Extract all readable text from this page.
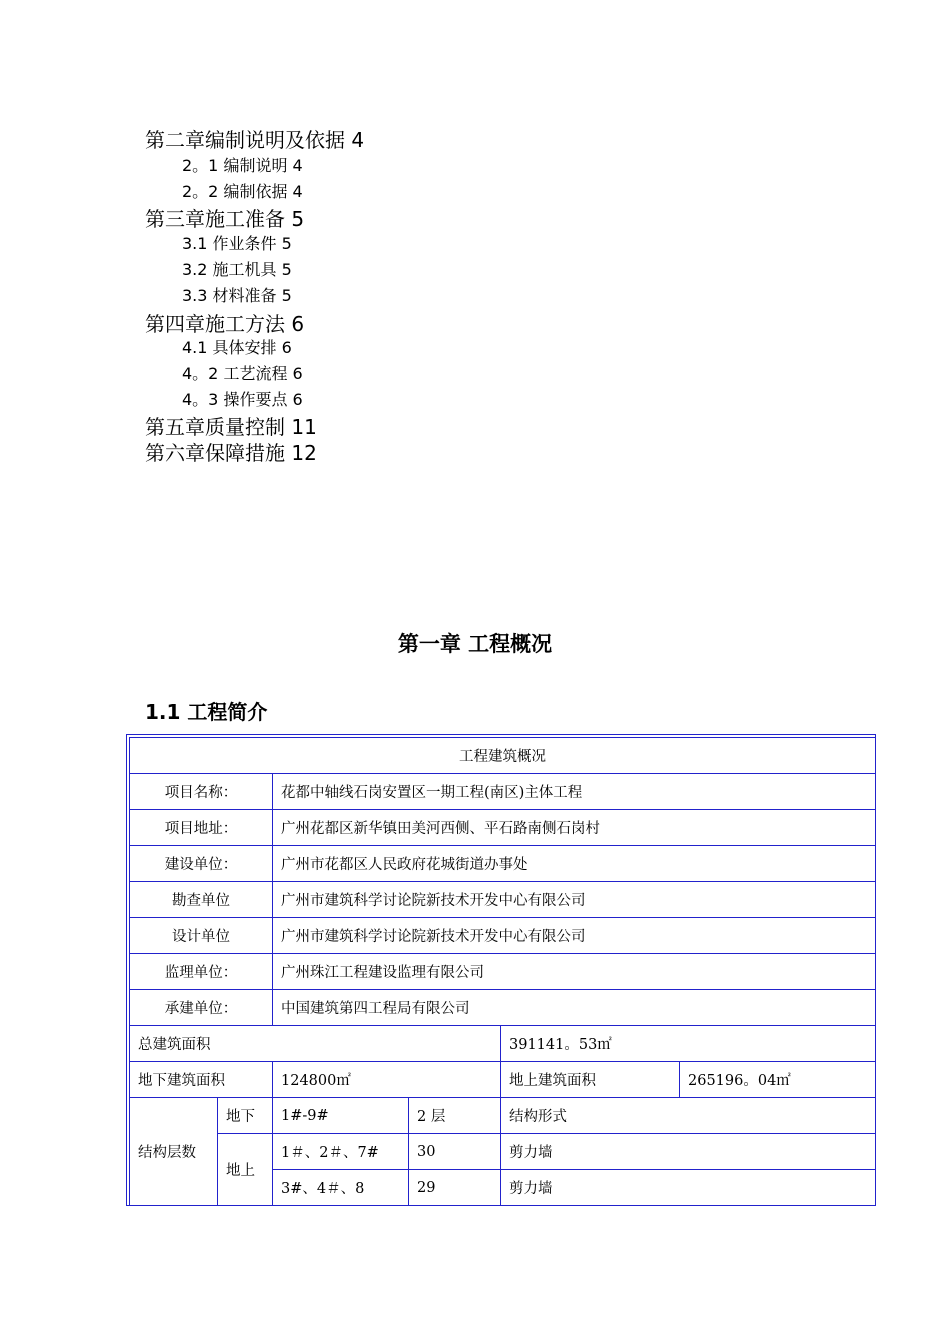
第二章编制说明及依据 4
2。1 编制说明 4
2。2 编制依据 4
第三章施工准备 5
3.1 作业条件 5
3.2 施工机具 5
3.3 材料准备 5
第四章施工方法 6
4.1 具体安排 6
4。2 工艺流程 6
4。3 操作要点 6
第五章质量控制 11
第六章保障措施 12
第一章 工程概况
1.1 工程简介
工程建筑概况					
项目名称：		花都中轴线石岗安置区一期工程(南区)主体工程			
项目地址：		广州花都区新华镇田美河西侧、平石路南侧石岗村			
建设单位：		广州市花都区人民政府花城街道办事处			
勘查单位		广州市建筑科学讨论院新技术开发中心有限公司			
设计单位		广州市建筑科学讨论院新技术开发中心有限公司			
监理单位：		广州珠江工程建设监理有限公司			
承建单位：		中国建筑第四工程局有限公司			
总建筑面积				391141。53㎡	
地下建筑面积		124800㎡		地上建筑面积	265196。04㎡
结构层数	地下	1#-9#	2 层	结构形式	
	地上	1＃、2＃、7#	30	剪力墙	
		3#、4＃、8	29	剪力墙	
